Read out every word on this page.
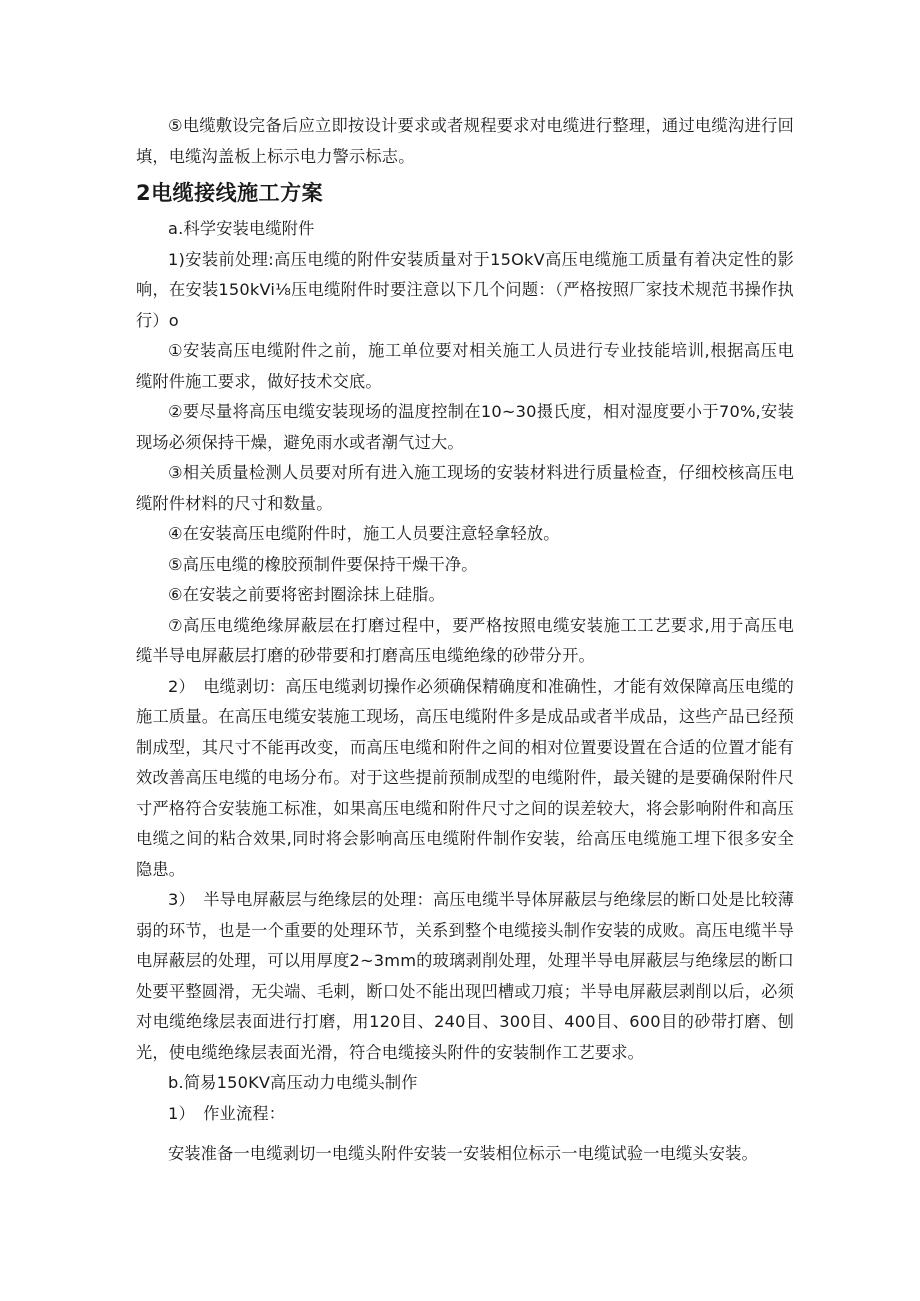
⑤电缆敷设完备后应立即按设计要求或者规程要求对电缆进行整理，通过电缆沟进行回填，电缆沟盖板上标示电力警示标志。

2电缆接线施工方案

a.科学安装电缆附件

1)安装前处理:高压电缆的附件安装质量对于15OkV高压电缆施工质量有着决定性的影响，在安装150kVi⅛压电缆附件时要注意以下几个问题：（严格按照厂家技术规范书操作执行）o

①安装高压电缆附件之前，施工单位要对相关施工人员进行专业技能培训,根据高压电缆附件施工要求，做好技术交底。

②要尽量将高压电缆安装现场的温度控制在10~30摄氏度，相对湿度要小于70%,安装现场必须保持干燥，避免雨水或者潮气过大。

③相关质量检测人员要对所有进入施工现场的安装材料进行质量检查，仔细校核高压电缆附件材料的尺寸和数量。

④在安装高压电缆附件时，施工人员要注意轻拿轻放。

⑤高压电缆的橡胶预制件要保持干燥干净。

⑥在安装之前要将密封圈涂抹上硅脂。

⑦高压电缆绝缘屏蔽层在打磨过程中，要严格按照电缆安装施工工艺要求,用于高压电缆半导电屏蔽层打磨的砂带要和打磨高压电缆绝缘的砂带分开。

2）　电缆剥切：高压电缆剥切操作必须确保精确度和准确性，才能有效保障高压电缆的施工质量。在高压电缆安装施工现场，高压电缆附件多是成品或者半成品，这些产品已经预制成型，其尺寸不能再改变，而高压电缆和附件之间的相对位置要设置在合适的位置才能有效改善高压电缆的电场分布。对于这些提前预制成型的电缆附件，最关键的是要确保附件尺寸严格符合安装施工标准，如果高压电缆和附件尺寸之间的误差较大，将会影响附件和高压电缆之间的粘合效果,同时将会影响高压电缆附件制作安装，给高压电缆施工埋下很多安全隐患。

3）　半导电屏蔽层与绝缘层的处理：高压电缆半导体屏蔽层与绝缘层的断口处是比较薄弱的环节，也是一个重要的处理环节，关系到整个电缆接头制作安装的成败。高压电缆半导电屏蔽层的处理，可以用厚度2~3mm的玻璃剥削处理，处理半导电屏蔽层与绝缘层的断口处要平整圆滑，无尖端、毛刺，断口处不能出现凹槽或刀痕；半导电屏蔽层剥削以后，必须对电缆绝缘层表面进行打磨，用120目、240目、300目、400目、600目的砂带打磨、刨光，使电缆绝缘层表面光滑，符合电缆接头附件的安装制作工艺要求。

b.简易150KV高压动力电缆头制作

1）　作业流程：

安装准备一电缆剥切一电缆头附件安装一安装相位标示一电缆试验一电缆头安装。
